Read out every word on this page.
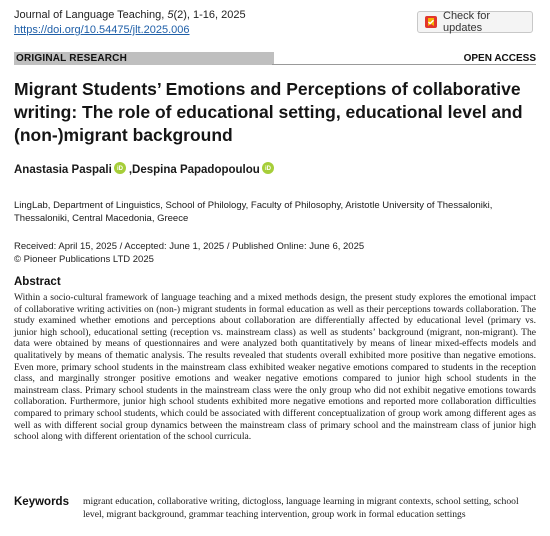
Journal of Language Teaching, 5(2), 1-16, 2025
https://doi.org/10.54475/jlt.2025.006
Check for updates
ORIGINAL RESEARCH	OPEN ACCESS
Migrant Students’ Emotions and Perceptions of collaborative writing: The role of educational setting, educational level and (non-)migrant background
Anastasia Paspali iD , Despina Papadopoulou iD
LingLab, Department of Linguistics, School of Philology, Faculty of Philosophy, Aristotle University of Thessaloniki, Thessaloniki, Central Macedonia, Greece
Received: April 15, 2025 / Accepted: June 1, 2025 / Published Online: June 6, 2025
© Pioneer Publications LTD 2025
Abstract
Within a socio-cultural framework of language teaching and a mixed methods design, the present study explores the emotional impact of collaborative writing activities on (non-) migrant students in formal education as well as their perceptions towards collaboration. The study examined whether emotions and perceptions about collaboration are differentially affected by educational level (primary vs. junior high school), educational setting (reception vs. mainstream class) as well as students’ background (migrant, non-migrant). The data were obtained by means of questionnaires and were analyzed both quantitatively by means of linear mixed-effects models and qualitatively by means of thematic analysis. The results revealed that students overall exhibited more positive than negative emotions. Even more, primary school students in the mainstream class exhibited weaker negative emotions compared to students in the reception class, and marginally stronger positive emotions and weaker negative emotions compared to junior high school students in the mainstream class. Primary school students in the mainstream class were the only group who did not exhibit negative emotions towards collaboration. Furthermore, junior high school students exhibited more negative emotions and reported more collaboration difficulties compared to primary school students, which could be associated with different conceptualization of group work among different ages as well as with different social group dynamics between the mainstream class of primary school and the mainstream class of junior high school along with different orientation of the school curricula.
Keywords migrant education, collaborative writing, dictogloss, language learning in migrant contexts, school setting, school level, migrant background, grammar teaching intervention, group work in formal education settings
